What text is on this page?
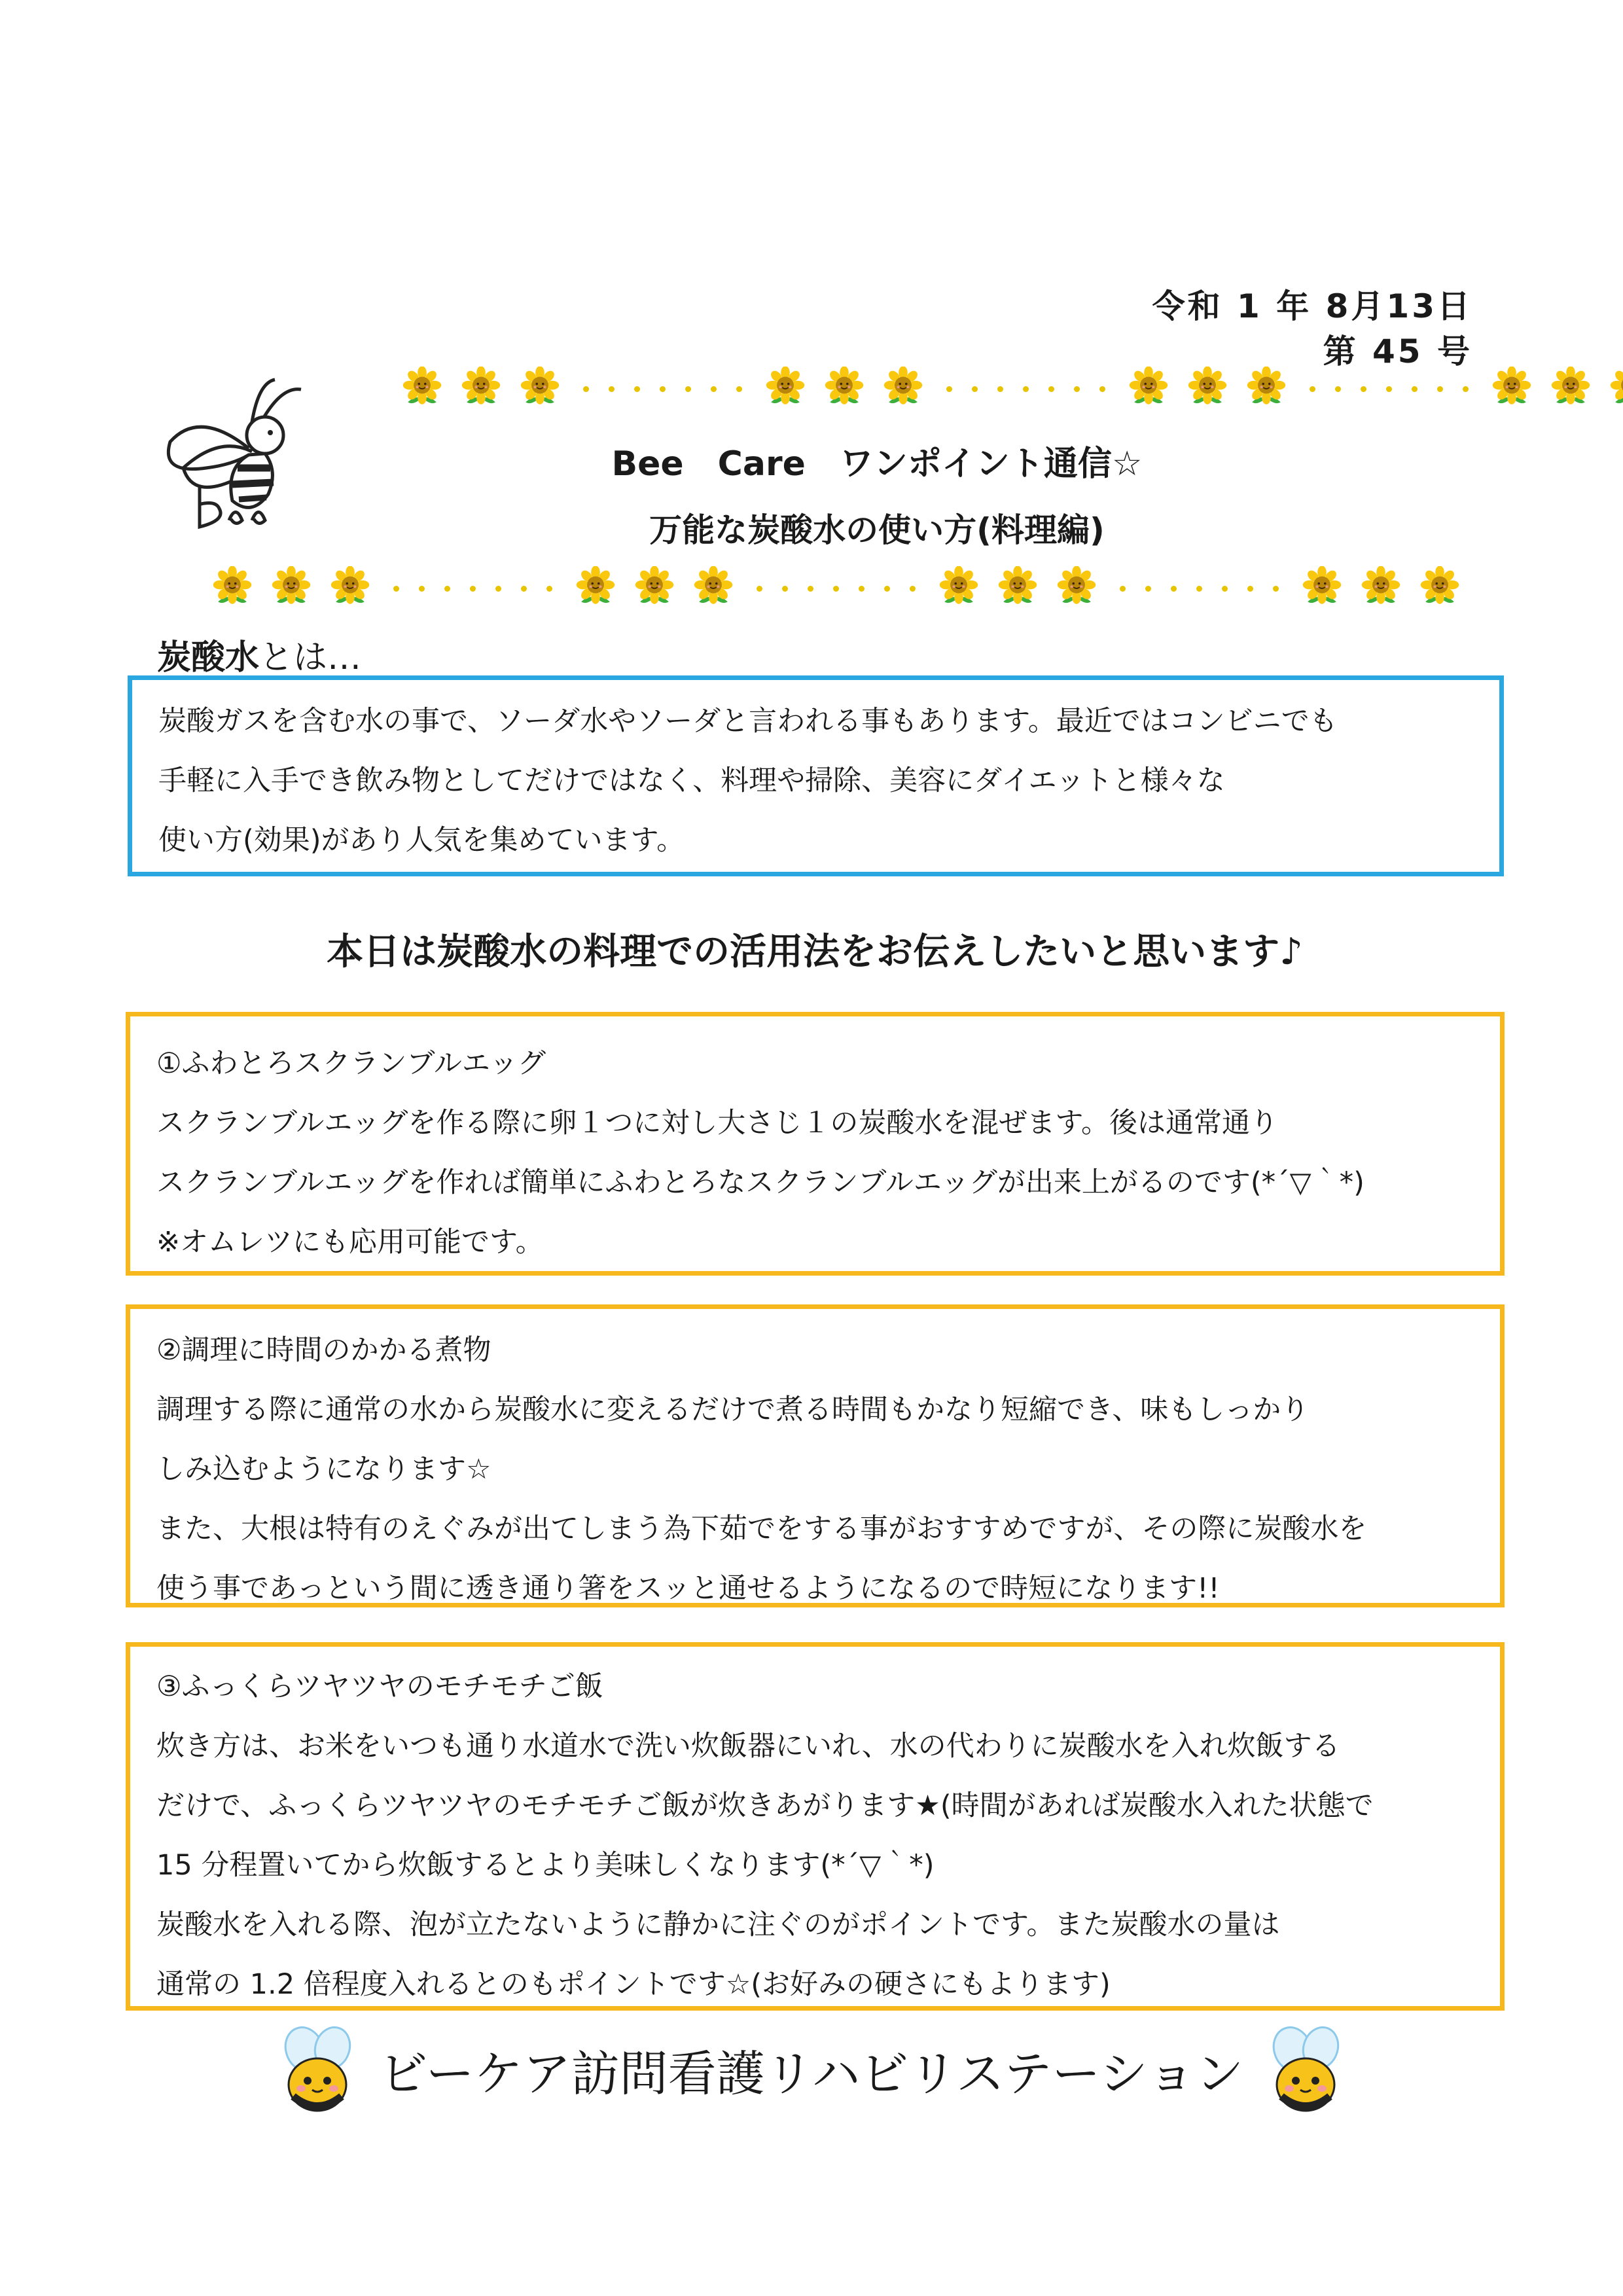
令和 1 年 8月13日
第 45 号
Bee　Care　ワンポイント通信☆
万能な炭酸水の使い方(料理編)
炭酸水とは…

炭酸ガスを含む水の事で、ソーダ水やソーダと言われる事もあります。最近ではコンビニでも

手軽に入手でき飲み物としてだけではなく、料理や掃除、美容にダイエットと様々な

使い方(効果)があり人気を集めています。

本日は炭酸水の料理での活用法をお伝えしたいと思います♪

①ふわとろスクランブルエッグ

スクランブルエッグを作る際に卵１つに対し大さじ１の炭酸水を混ぜます。後は通常通り

スクランブルエッグを作れば簡単にふわとろなスクランブルエッグが出来上がるのです(*´▽｀*)

※オムレツにも応用可能です。

②調理に時間のかかる煮物

調理する際に通常の水から炭酸水に変えるだけで煮る時間もかなり短縮でき、味もしっかり

しみ込むようになります☆

また、大根は特有のえぐみが出てしまう為下茹でをする事がおすすめですが、その際に炭酸水を

使う事であっという間に透き通り箸をスッと通せるようになるので時短になります!!

③ふっくらツヤツヤのモチモチご飯

炊き方は、お米をいつも通り水道水で洗い炊飯器にいれ、水の代わりに炭酸水を入れ炊飯する

だけで、ふっくらツヤツヤのモチモチご飯が炊きあがります★(時間があれば炭酸水入れた状態で

15 分程置いてから炊飯するとより美味しくなります(*´▽｀*)

炭酸水を入れる際、泡が立たないように静かに注ぐのがポイントです。また炭酸水の量は

通常の 1.2 倍程度入れるとのもポイントです☆(お好みの硬さにもよります)

ビーケア訪問看護リハビリステーション
